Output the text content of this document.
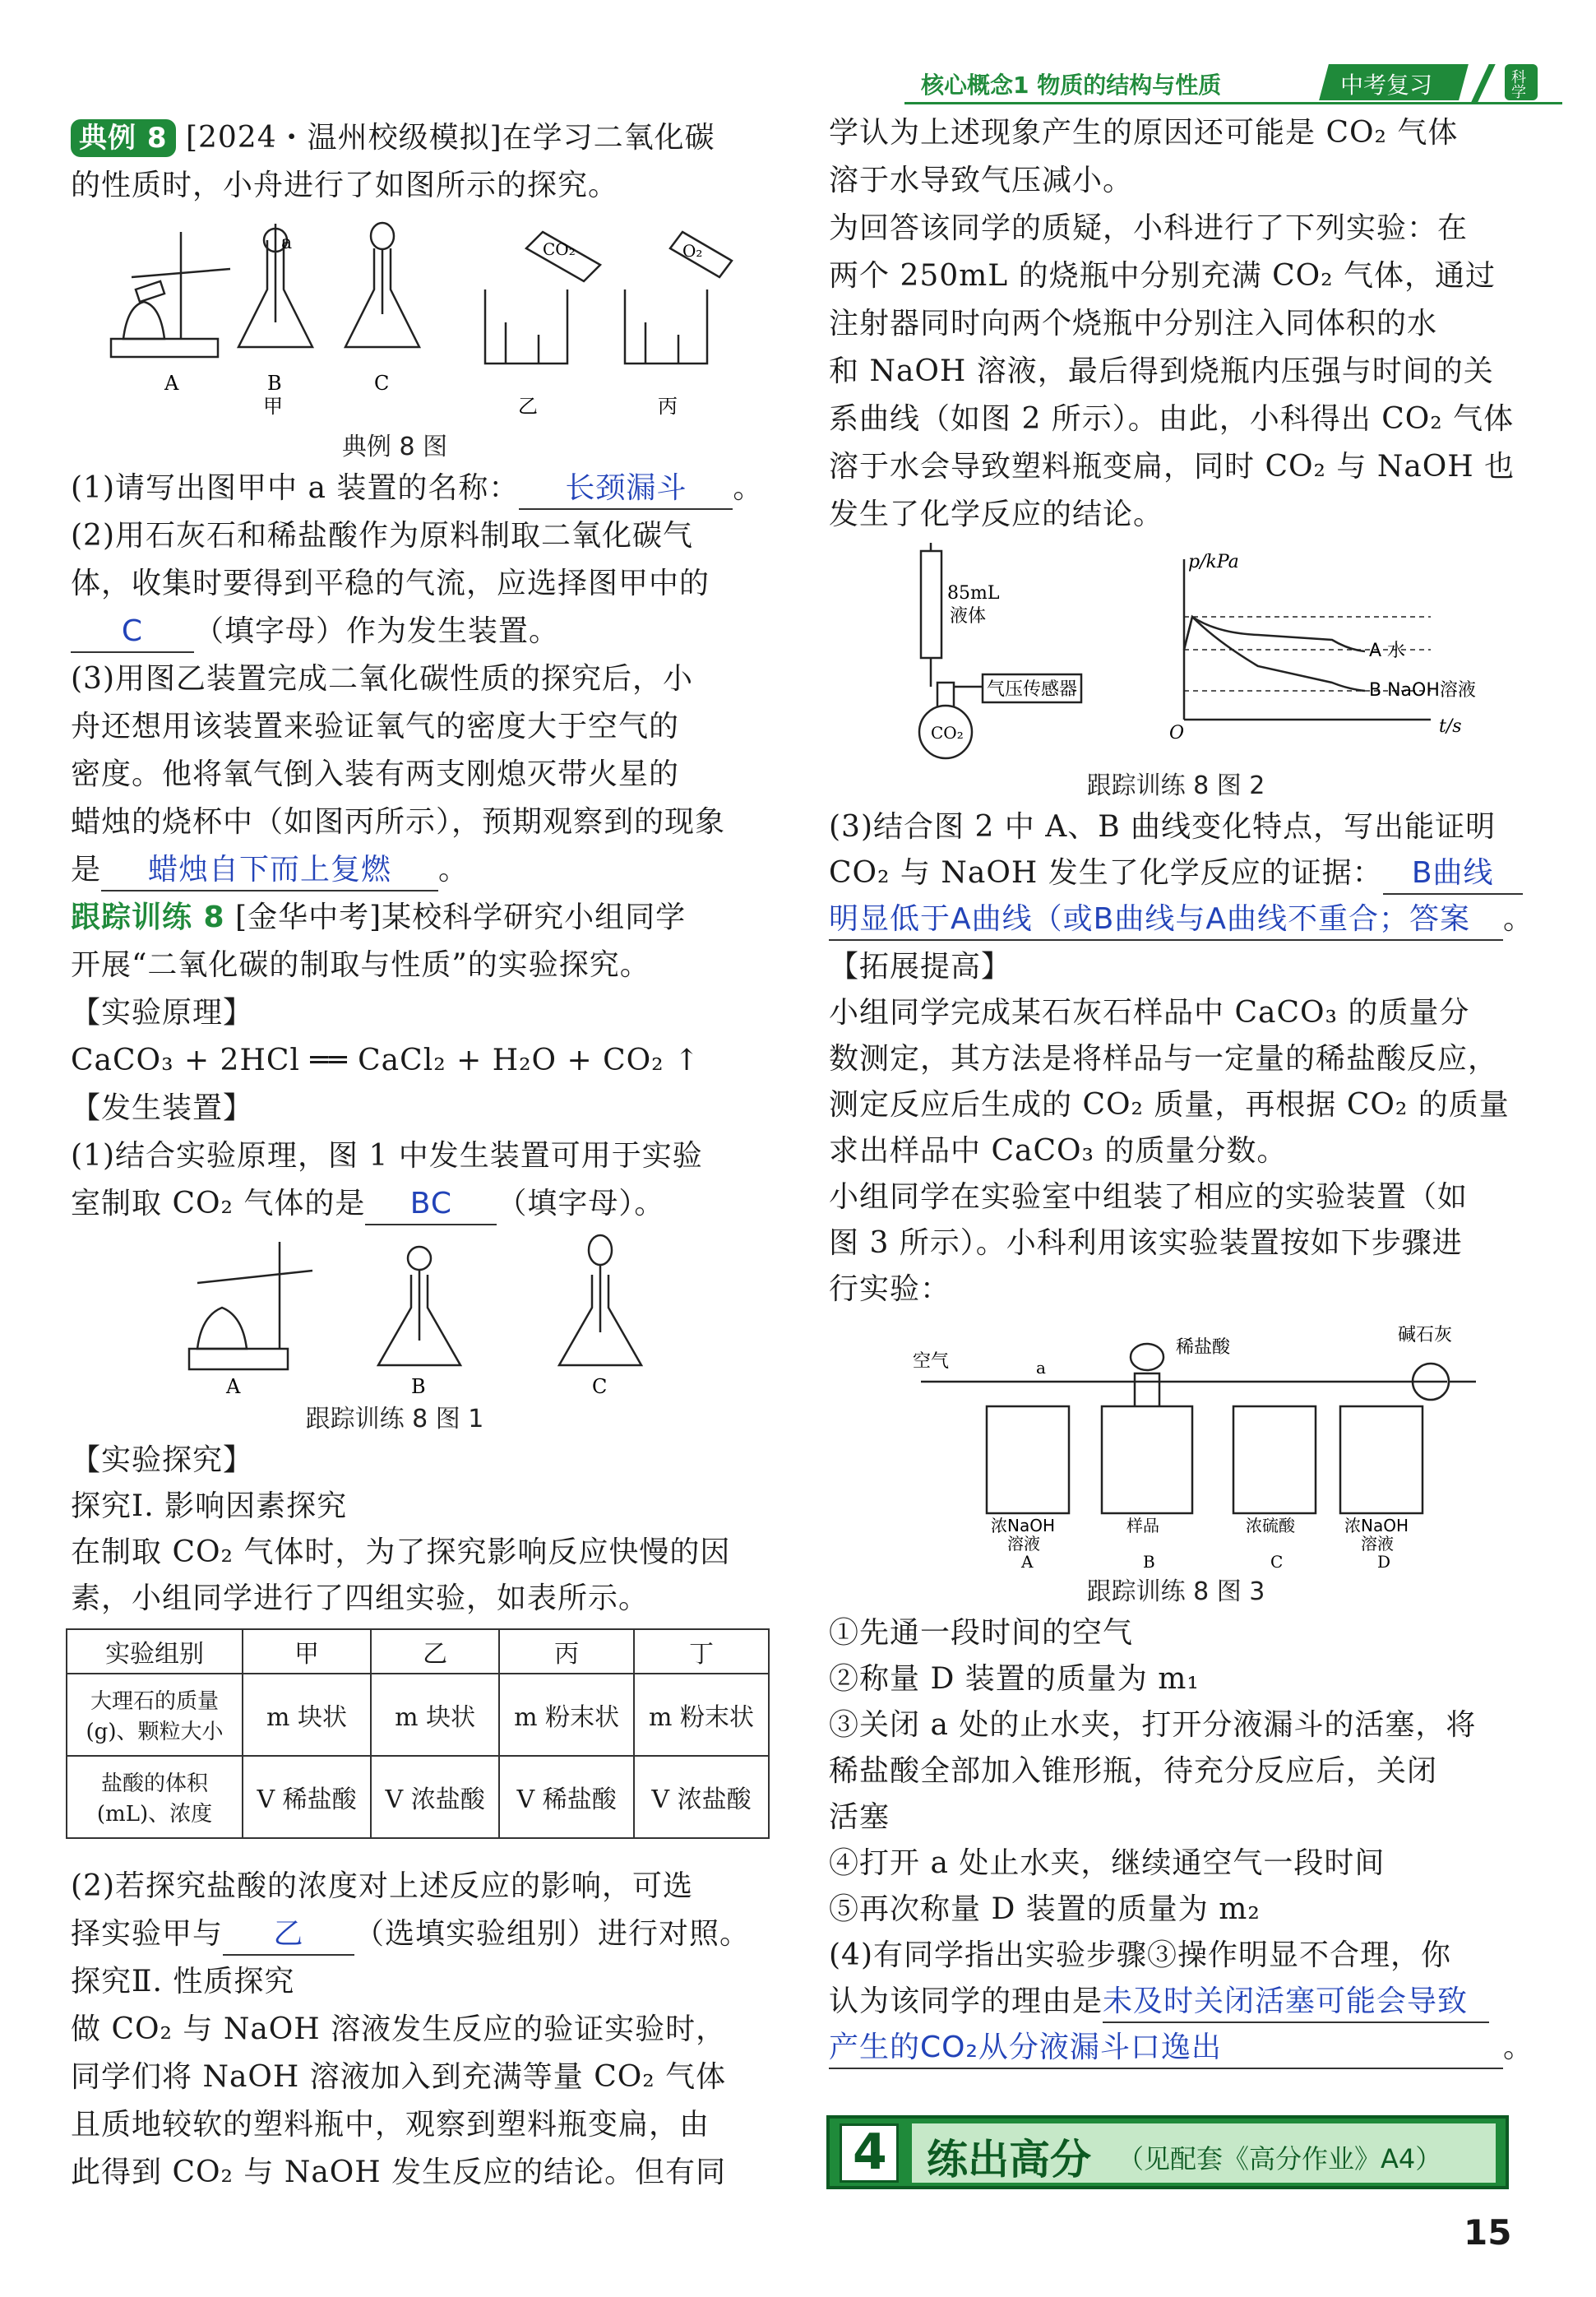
核心概念1 物质的结构与性质	中考复习	科学
典例 8 [2024・温州校级模拟]在学习二氧化碳
的性质时，小舟进行了如图所示的探究。
a	CO₂	O₂
A	B	C
甲	乙	丙
典例 8 图
(1)请写出图甲中 a 装置的名称： 长颈漏斗 。
(2)用石灰石和稀盐酸作为原料制取二氧化碳气
体，收集时要得到平稳的气流，应选择图甲中的
C （填字母）作为发生装置。
(3)用图乙装置完成二氧化碳性质的探究后，小
舟还想用该装置来验证氧气的密度大于空气的
密度。他将氧气倒入装有两支刚熄灭带火星的
蜡烛的烧杯中（如图丙所示），预期观察到的现象
是 蜡烛自下而上复燃 。
跟踪训练 8 [金华中考]某校科学研究小组同学
开展“二氧化碳的制取与性质”的实验探究。
【实验原理】
CaCO₃ + 2HCl ══ CaCl₂ + H₂O + CO₂ ↑
【发生装置】
(1)结合实验原理，图 1 中发生装置可用于实验
室制取 CO₂ 气体的是 BC （填字母）。
A	B	C
跟踪训练 8 图 1
【实验探究】
探究Ⅰ. 影响因素探究
在制取 CO₂ 气体时，为了探究影响反应快慢的因
素，小组同学进行了四组实验，如表所示。
实验组别	甲	乙	丙	丁
大理石的质量(g)、颗粒大小	m 块状	m 块状	m 粉末状	m 粉末状
盐酸的体积(mL)、浓度	V 稀盐酸	V 浓盐酸	V 稀盐酸	V 浓盐酸
(2)若探究盐酸的浓度对上述反应的影响，可选
择实验甲与 乙 （选填实验组别）进行对照。
探究Ⅱ. 性质探究
做 CO₂ 与 NaOH 溶液发生反应的验证实验时，
同学们将 NaOH 溶液加入到充满等量 CO₂ 气体
且质地较软的塑料瓶中，观察到塑料瓶变扁，由
此得到 CO₂ 与 NaOH 发生反应的结论。但有同
学认为上述现象产生的原因还可能是 CO₂ 气体
溶于水导致气压减小。
为回答该同学的质疑，小科进行了下列实验：在
两个 250mL 的烧瓶中分别充满 CO₂ 气体，通过
注射器同时向两个烧瓶中分别注入同体积的水
和 NaOH 溶液，最后得到烧瓶内压强与时间的关
系曲线（如图 2 所示）。由此，小科得出 CO₂ 气体
溶于水会导致塑料瓶变扁，同时 CO₂ 与 NaOH 也
发生了化学反应的结论。
85mL
液体
气压传感器
CO₂
p/kPa
t/s
O
A 水
B NaOH溶液
跟踪训练 8 图 2
(3)结合图 2 中 A、B 曲线变化特点，写出能证明
CO₂ 与 NaOH 发生了化学反应的证据： B曲线
明显低于A曲线（或B曲线与A曲线不重合；答案 。
【拓展提高】
小组同学完成某石灰石样品中 CaCO₃ 的质量分
数测定，其方法是将样品与一定量的稀盐酸反应，
测定反应后生成的 CO₂ 质量，再根据 CO₂ 的质量
求出样品中 CaCO₃ 的质量分数。
小组同学在实验室中组装了相应的实验装置（如
图 3 所示）。小科利用该实验装置按如下步骤进
行实验：
空气	a
稀盐酸
碱石灰
浓NaOH
溶液
样品	浓硫酸	浓NaOH
溶液
A	B	C	D
跟踪训练 8 图 3
①先通一段时间的空气
②称量 D 装置的质量为 m₁
③关闭 a 处的止水夹，打开分液漏斗的活塞，将
稀盐酸全部加入锥形瓶，待充分反应后，关闭
活塞
④打开 a 处止水夹，继续通空气一段时间
⑤再次称量 D 装置的质量为 m₂
(4)有同学指出实验步骤③操作明显不合理，你
认为该同学的理由是未及时关闭活塞可能会导致
产生的CO₂从分液漏斗口逸出	。
4 练出高分 （见配套《高分作业》A4）
15
